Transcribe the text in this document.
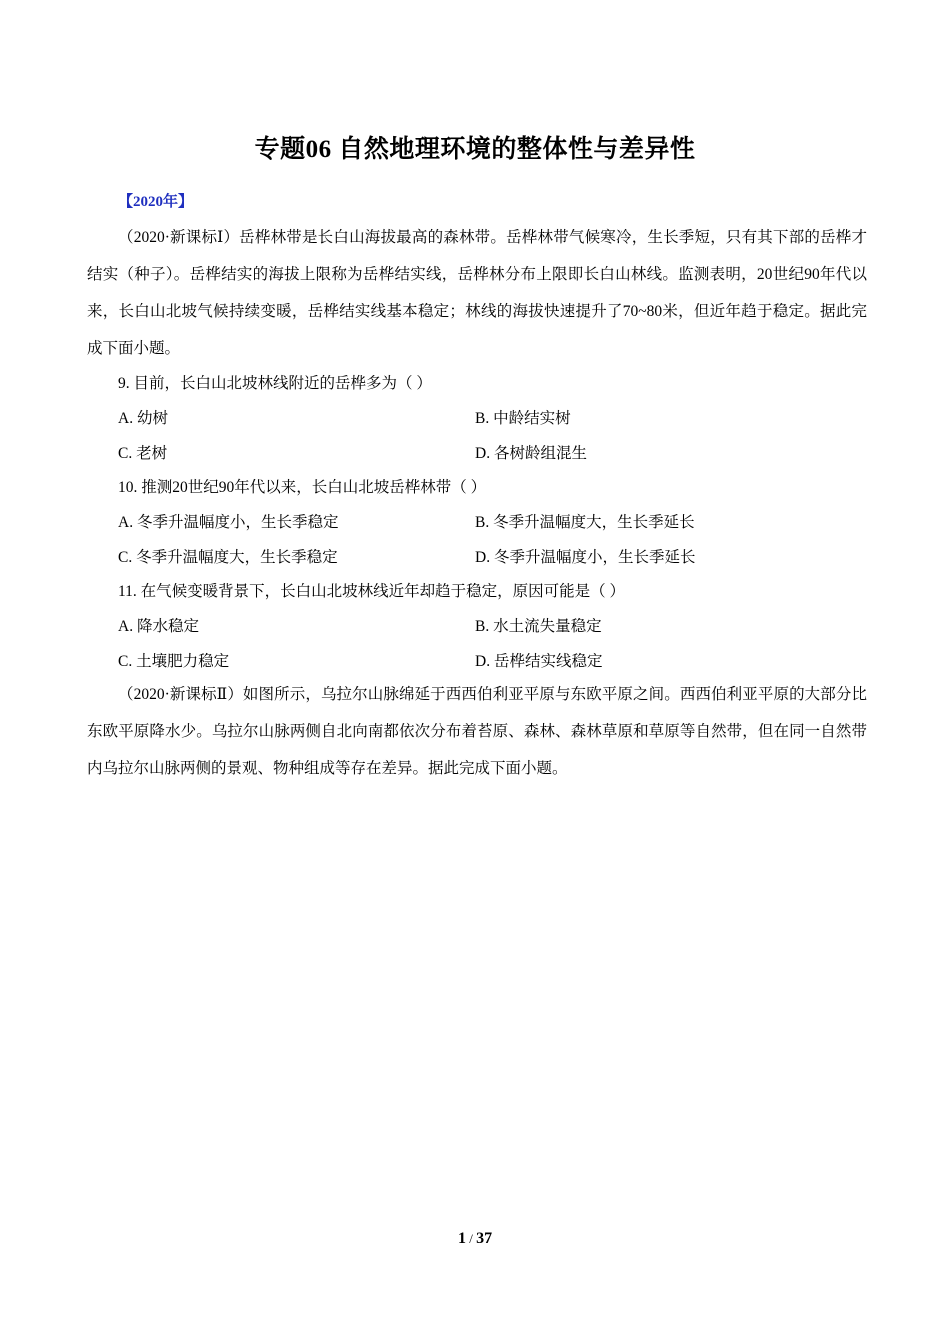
专题06 自然地理环境的整体性与差异性
【2020年】
（2020·新课标Ⅰ）岳桦林带是长白山海拔最高的森林带。岳桦林带气候寒冷，生长季短，只有其下部的岳桦才结实（种子）。岳桦结实的海拔上限称为岳桦结实线，岳桦林分布上限即长白山林线。监测表明，20世纪90年代以来，长白山北坡气候持续变暖，岳桦结实线基本稳定；林线的海拔快速提升了70~80米，但近年趋于稳定。据此完成下面小题。
9. 目前，长白山北坡林线附近的岳桦多为（ ）
A. 幼树	B. 中龄结实树
C. 老树	D. 各树龄组混生
10. 推测20世纪90年代以来，长白山北坡岳桦林带（ ）
A. 冬季升温幅度小，生长季稳定	B. 冬季升温幅度大，生长季延长
C. 冬季升温幅度大，生长季稳定	D. 冬季升温幅度小，生长季延长
11. 在气候变暖背景下，长白山北坡林线近年却趋于稳定，原因可能是（ ）
A. 降水稳定	B. 水土流失量稳定
C. 土壤肥力稳定	D. 岳桦结实线稳定
（2020·新课标Ⅱ）如图所示，乌拉尔山脉绵延于西西伯利亚平原与东欧平原之间。西西伯利亚平原的大部分比东欧平原降水少。乌拉尔山脉两侧自北向南都依次分布着苔原、森林、森林草原和草原等自然带，但在同一自然带内乌拉尔山脉两侧的景观、物种组成等存在差异。据此完成下面小题。
1 / 37
